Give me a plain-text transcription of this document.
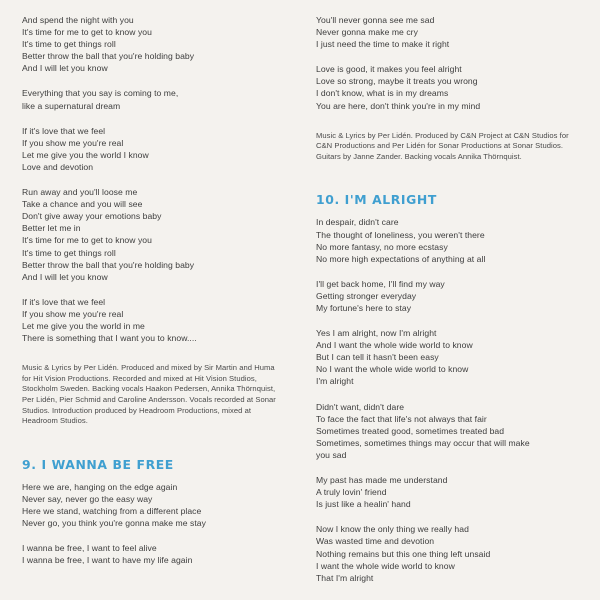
And spend the night with you
It's time for me to get to know you
It's time to get things roll
Better throw the ball that you're holding baby
And I will let you know
Everything that you say is coming to me,
like a supernatural dream
If it's love that we feel
If you show me you're real
Let me give you the world I know
Love and devotion
Run away and you'll loose me
Take a chance and you will see
Don't give away your emotions baby
Better let me in
It's time for me to get to know you
It's time to get things roll
Better throw the ball that you're holding baby
And I will let you know
If it's love that we feel
If you show me you're real
Let me give you the world in me
There is something that I want you to know....
Music & Lyrics by Per Lidén. Produced and mixed by Sir Martin and Huma
for Hit Vision Productions. Recorded and mixed at Hit Vision Studios,
Stockholm Sweden. Backing vocals Haakon Pedersen, Annika Thörnquist,
Per Lidén, Pier Schmid and Caroline Andersson. Vocals recorded at Sonar
Studios. Introduction produced by Headroom Productions, mixed at
Headroom Studios.
9. I WANNA BE FREE
Here we are, hanging on the edge again
Never say, never go the easy way
Here we stand, watching from a different place
Never go, you think you're gonna make me stay
I wanna be free, I want to feel alive
I wanna be free, I want to have my life again
You'll never gonna see me sad
Never gonna make me cry
I just need the time to make it right
Love is good, it makes you feel alright
Love so strong, maybe it treats you wrong
I don't know, what is in my dreams
You are here, don't think you're in my mind
Music & Lyrics by Per Lidén. Produced by C&N Project at C&N Studios for
C&N Productions and Per Lidén for Sonar Productions at Sonar Studios.
Guitars by Janne Zander. Backing vocals Annika Thörnquist.
10. I'M ALRIGHT
In despair, didn't care
The thought of loneliness, you weren't there
No more fantasy, no more ecstasy
No more high expectations of anything at all
I'll get back home, I'll find my way
Getting stronger everyday
My fortune's here to stay
Yes I am alright, now I'm alright
And I want the whole wide world to know
But I can tell it hasn't been easy
No I want the whole wide world to know
I'm alright
Didn't want, didn't dare
To face the fact that life's not always that fair
Sometimes treated good, sometimes treated bad
Sometimes, sometimes things may occur that will make
you sad
My past has made me understand
A truly lovin' friend
Is just like a healin' hand
Now I know the only thing we really had
Was wasted time and devotion
Nothing remains but this one thing left unsaid
I want the whole wide world to know
That I'm alright
